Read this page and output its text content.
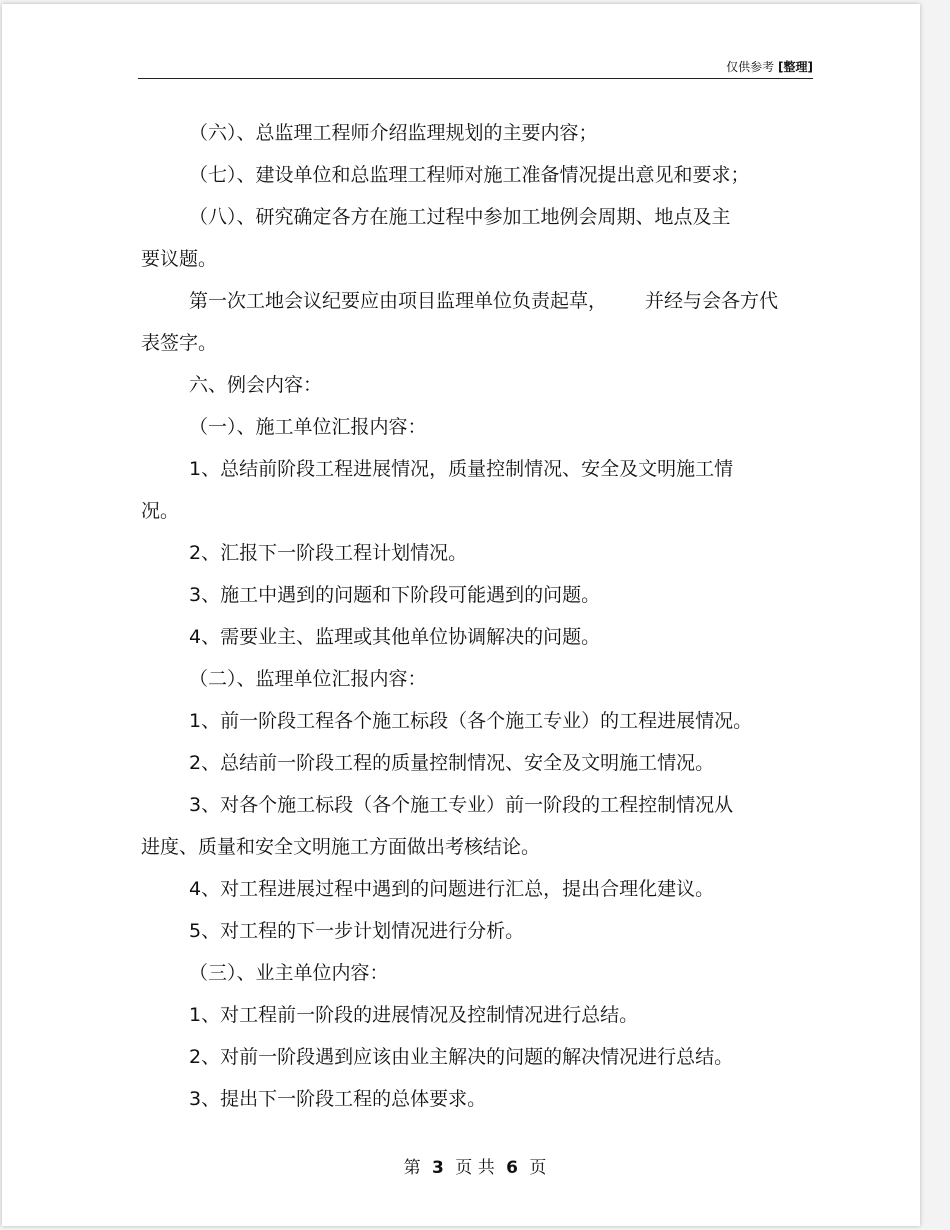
仅供参考 [整理]
（六）、总监理工程师介绍监理规划的主要内容；
（七）、建设单位和总监理工程师对施工准备情况提出意见和要求；
（八）、研究确定各方在施工过程中参加工地例会周期、地点及主
要议题。
第一次工地会议纪要应由项目监理单位负责起草， 并经与会各方代
表签字。
六、例会内容：
（一）、施工单位汇报内容：
1、总结前阶段工程进展情况，质量控制情况、安全及文明施工情
况。
2、汇报下一阶段工程计划情况。
3、施工中遇到的问题和下阶段可能遇到的问题。
4、需要业主、监理或其他单位协调解决的问题。
（二）、监理单位汇报内容：
1、前一阶段工程各个施工标段（各个施工专业）的工程进展情况。
2、总结前一阶段工程的质量控制情况、安全及文明施工情况。
3、对各个施工标段（各个施工专业）前一阶段的工程控制情况从
进度、质量和安全文明施工方面做出考核结论。
4、对工程进展过程中遇到的问题进行汇总，提出合理化建议。
5、对工程的下一步计划情况进行分析。
（三）、业主单位内容：
1、对工程前一阶段的进展情况及控制情况进行总结。
2、对前一阶段遇到应该由业主解决的问题的解决情况进行总结。
3、提出下一阶段工程的总体要求。
第 3 页 共 6 页
